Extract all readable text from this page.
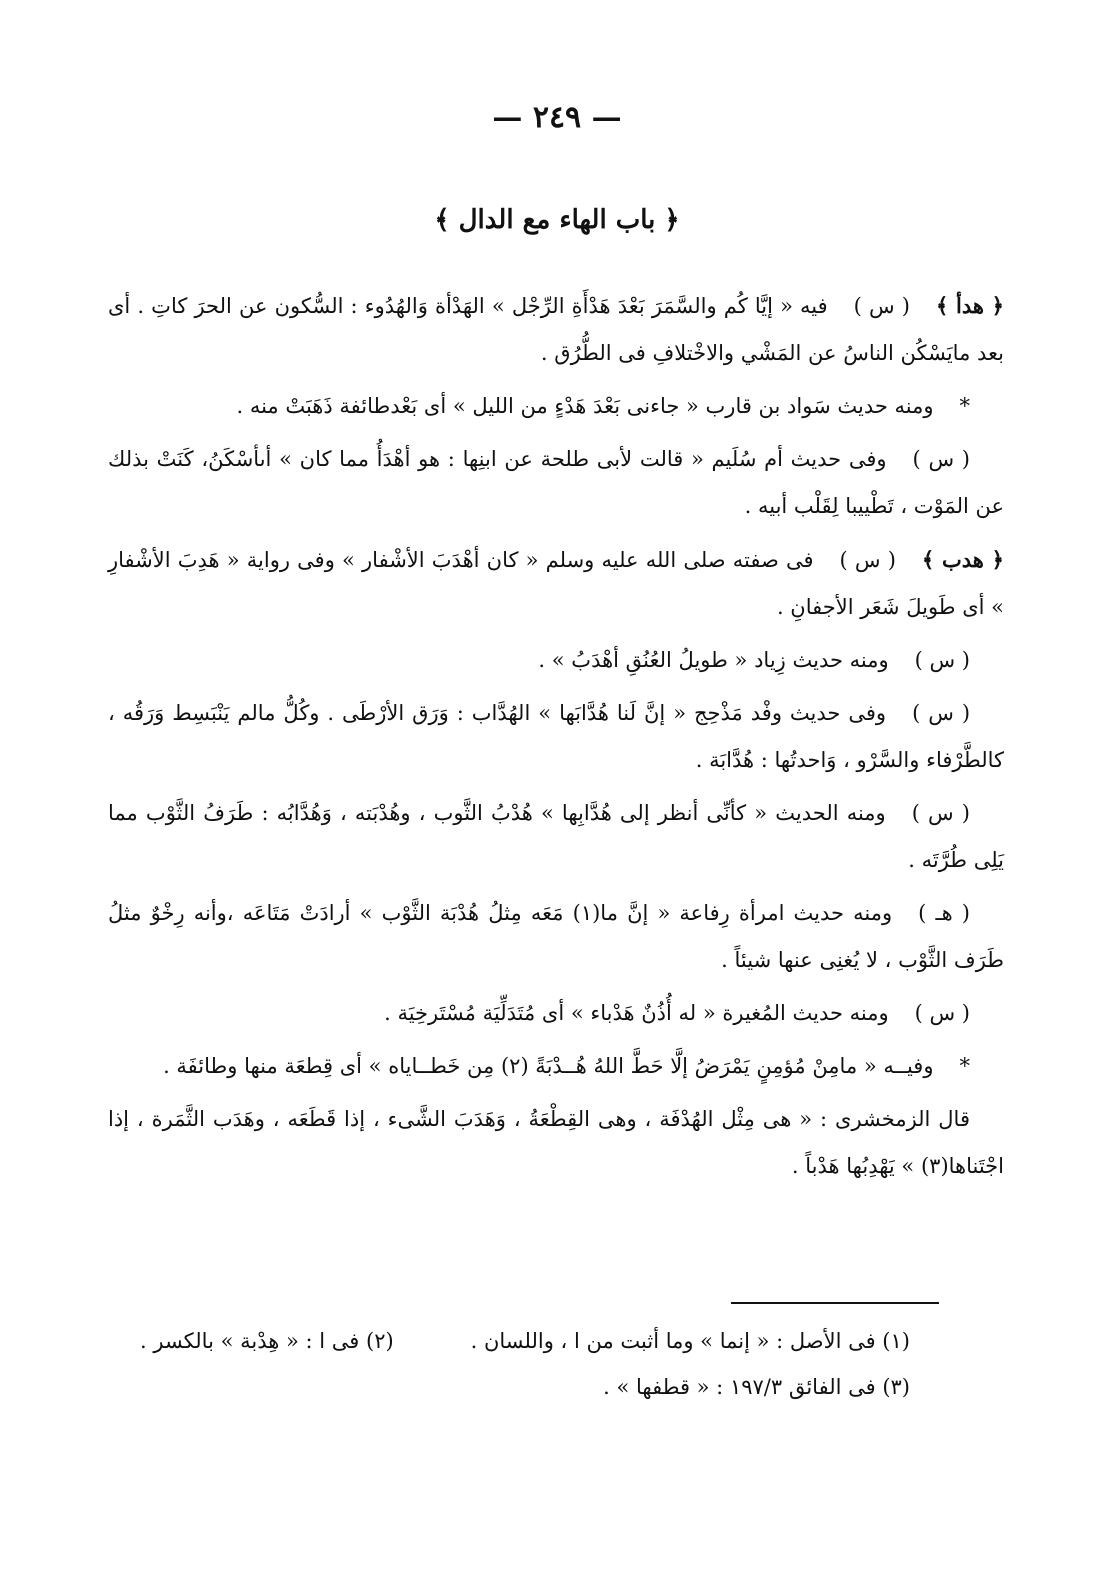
— ٢٤٩ —
﴿ باب الهاء مع الدال ﴾

﴿ هدأ ﴾( س )فيه « إيَّا كُم والسَّمَرَ بَعْدَ هَدْأَةِ الرِّجْل » الهَدْأة وَالهُدُوء : السُّكون عن الحرَ كاتِ . أى بعد مايَسْكُن الناسُ عن المَشْي والاخْتلافِ فى الطُّرُق .

*ومنه حديث سَواد بن قارب « جاءنى بَعْدَ هَدْءٍ من الليل » أى بَعْدطائفة ذَهَبَتْ منه .

( س )وفى حديث أم سُلَيم « قالت لأبى طلحة عن ابنِها : هو أهْدَأُ مما كان » أىأسْكَنُ، كَنَتْ بذلك عن المَوْت ، تَطْييبا لِقَلْب أبيه .

﴿ هدب ﴾( س )فى صفته صلى الله عليه وسلم « كان أهْدَبَ الأشْفار » وفى رواية « هَدِبَ الأشْفارِ » أى طَويلَ شَعَر الأجفانِ .

( س )ومنه حديث زِياد « طويلُ العُنُقِ أهْدَبُ » .

( س )وفى حديث وفْد مَذْحِج « إنَّ لَنا هُدَّابَها » الهُدَّاب : وَرَق الأرْطَى . وكُلُّ مالم يَنْبَسِط وَرَقُه ، كالطَّرْفاء والسَّرْو ، وَاحدتُها : هُدَّابَة .

( س )ومنه الحديث « كأنِّى أنظر إلى هُدَّابِها » هُدْبُ الثَّوب ، وهُدْبَته ، وَهُدَّابُه : طَرَفُ الثَّوْب مما يَلِى طُرَّتَه .

( هـ )ومنه حديث امرأة رِفاعة « إنَّ ما(١) مَعَه مِثلُ هُدْبَة الثَّوْب » أرادَتْ مَتَاعَه ،وأنه رِخْوٌ مثلُ طَرَف الثَّوْب ، لا يُغنِى عنها شيئاً .

( س )ومنه حديث المُغيرة « له أُذُنٌ هَدْباء » أى مُتَدَلِّيَة مُسْتَرخِيَة .

*وفيــه « مامِنْ مُؤمِنٍ يَمْرَضُ إلَّا حَطَّ اللهُ هُــدْبَةً (٢) مِن خَطــاياه » أى قِطعَة منها وطائفَة .

قال الزمخشرى : « هى مِثْل الهُدْفَة ، وهى القِطْعَةُ ، وَهَدَبَ الشَّىء ، إذا قَطَعَه ، وهَدَب الثَّمَرة ، إذا اجْتَناها(٣) » يَهْدِبُها هَدْباً .

(١) فى الأصل : « إنما » وما أثبت من ا ، واللسان .
(٢) فى ا : « هِدْبة » بالكسر .
(٣) فى الفائق ١٩٧/٣ : « قطفها » .
